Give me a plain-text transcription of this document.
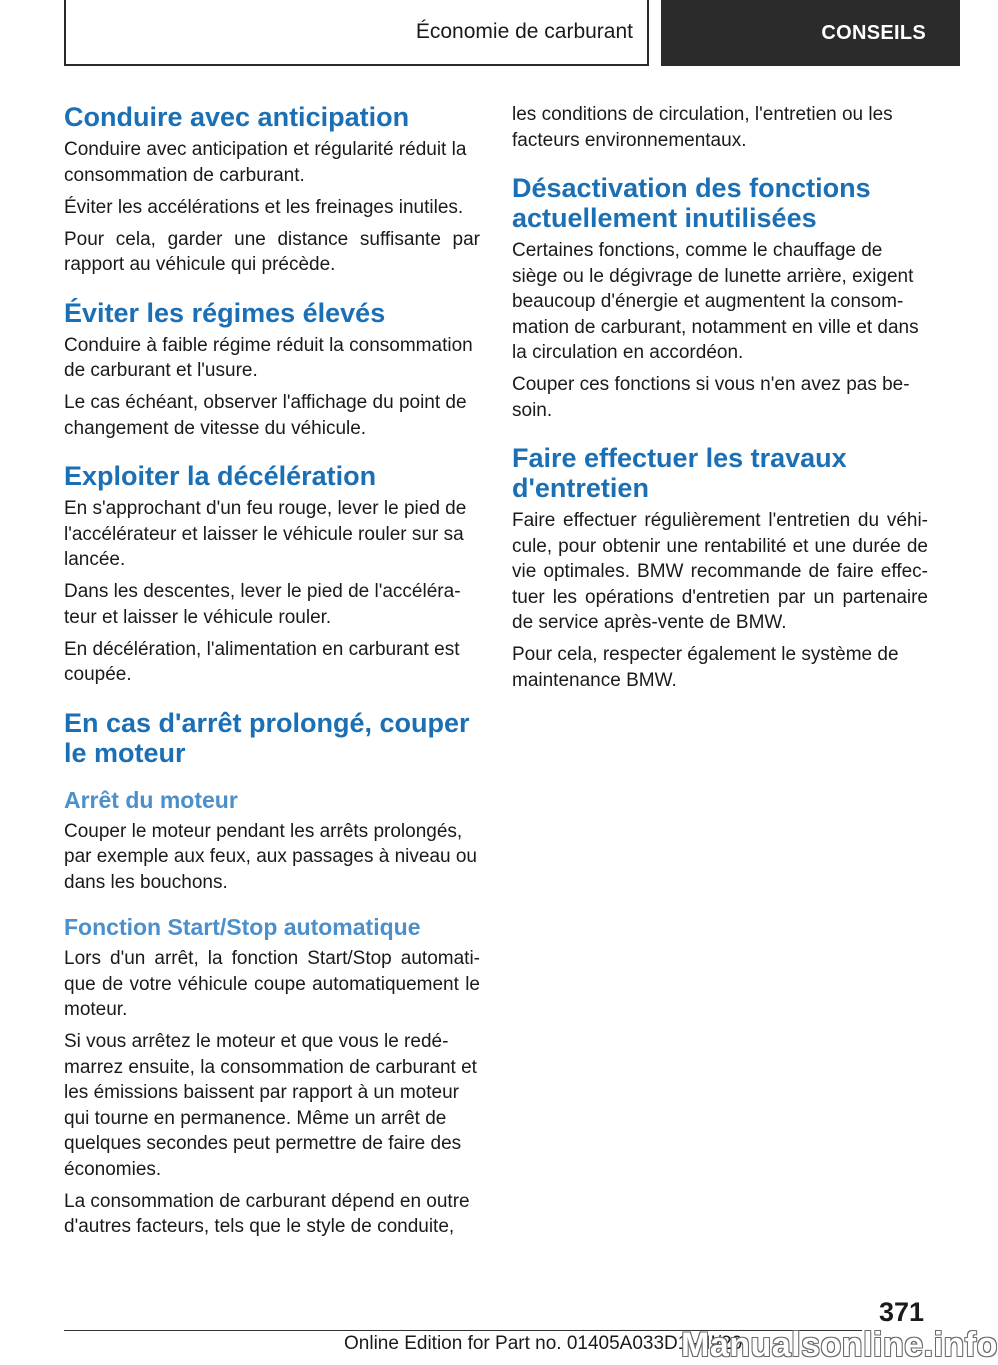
Économie de carburant	CONSEILS
Conduire avec anticipation

Conduire avec anticipation et régularité réduit la consommation de carburant.

Éviter les accélérations et les freinages inutiles.

Pour cela, garder une distance suffisante par rapport au véhicule qui précède.

Éviter les régimes élevés

Conduire à faible régime réduit la consommation de carburant et l'usure.

Le cas échéant, observer l'affichage du point de changement de vitesse du véhicule.

Exploiter la décélération

En s'approchant d'un feu rouge, lever le pied de l'accélérateur et laisser le véhicule rouler sur sa lancée.

Dans les descentes, lever le pied de l'accélérateur et laisser le véhicule rouler.

En décélération, l'alimentation en carburant est coupée.

En cas d'arrêt prolongé, couper le moteur
Arrêt du moteur

Couper le moteur pendant les arrêts prolongés, par exemple aux feux, aux passages à niveau ou dans les bouchons.

Fonction Start/Stop automatique

Lors d'un arrêt, la fonction Start/Stop automatique de votre véhicule coupe automatiquement le moteur.

Si vous arrêtez le moteur et que vous le redémarrez ensuite, la consommation de carburant et les émissions baissent par rapport à un moteur qui tourne en permanence. Même un arrêt de quelques secondes peut permettre de faire des économies.

La consommation de carburant dépend en outre d'autres facteurs, tels que le style de conduite,

les conditions de circulation, l'entretien ou les facteurs environnementaux.

Désactivation des fonctions actuellement inutilisées

Certaines fonctions, comme le chauffage de siège ou le dégivrage de lunette arrière, exigent beaucoup d'énergie et augmentent la consommation de carburant, notamment en ville et dans la circulation en accordéon.

Couper ces fonctions si vous n'en avez pas besoin.

Faire effectuer les travaux d'entretien

Faire effectuer régulièrement l'entretien du véhicule, pour obtenir une rentabilité et une durée de vie optimales. BMW recommande de faire effectuer les opérations d'entretien par un partenaire de service après-vente de BMW.

Pour cela, respecter également le système de maintenance BMW.

371
Online Edition for Part no. 01405A033D1 - II/20
Manualsonline.info
